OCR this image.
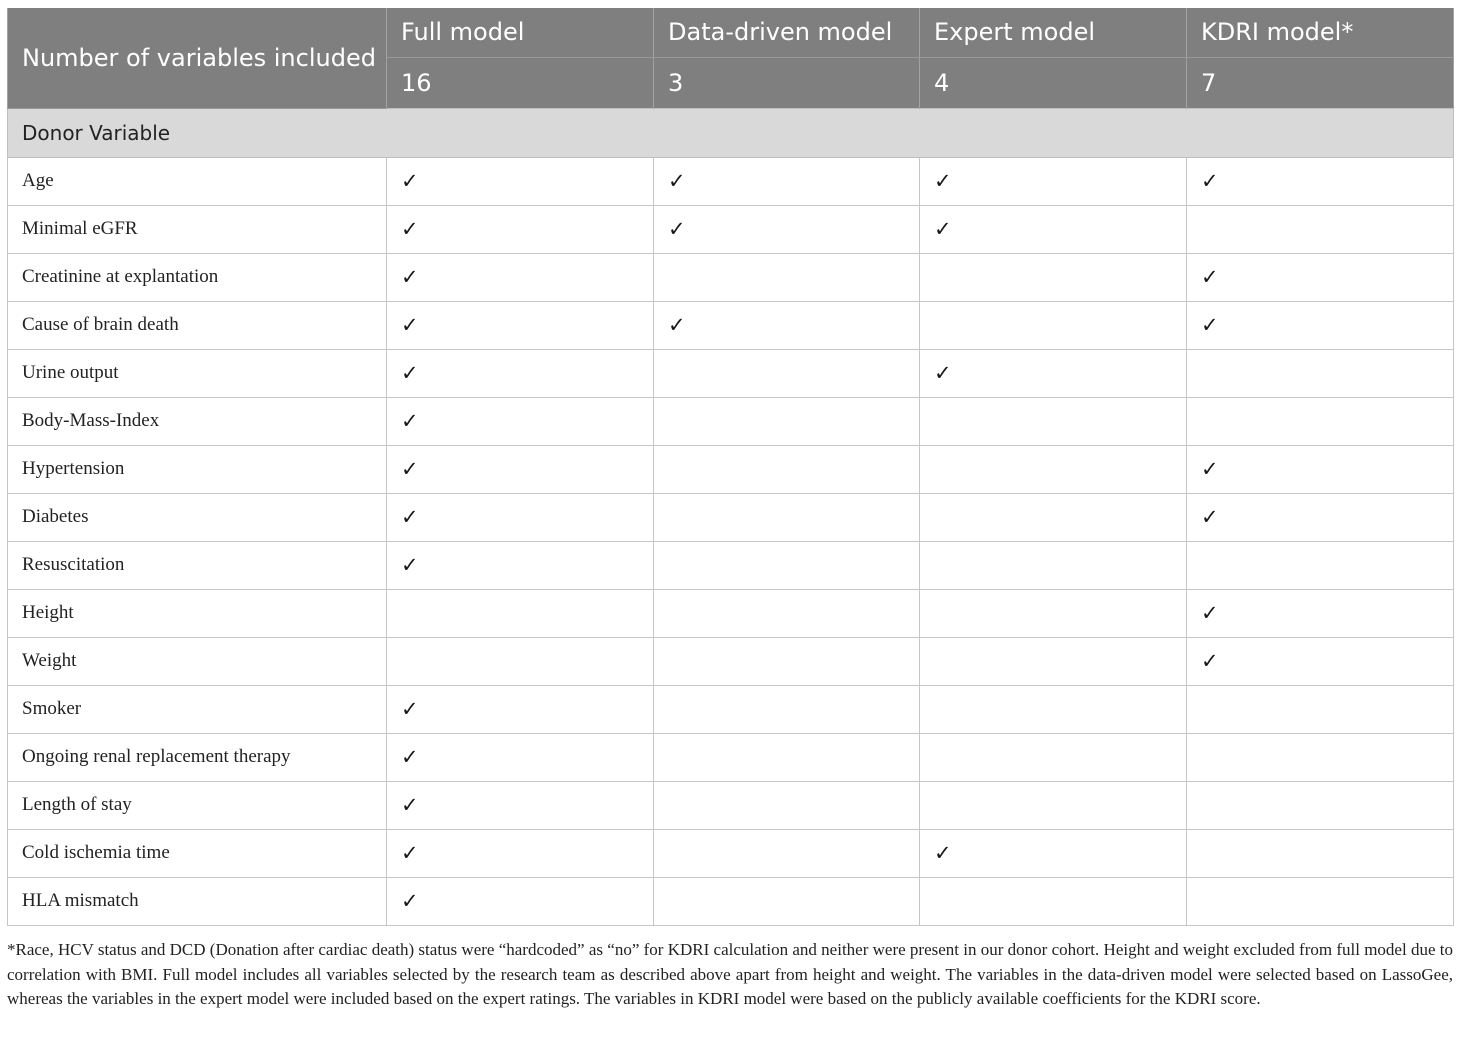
Number of variables included	Full model	Data-driven model	Expert model	KDRI model*
	16	3	4	7
Donor Variable				
Age	✓	✓	✓	✓
Minimal eGFR	✓	✓	✓	
Creatinine at explantation	✓			✓
Cause of brain death	✓	✓		✓
Urine output	✓		✓	
Body-Mass-Index	✓			
Hypertension	✓			✓
Diabetes	✓			✓
Resuscitation	✓			
Height				✓
Weight				✓
Smoker	✓			
Ongoing renal replacement therapy	✓			
Length of stay	✓			
Cold ischemia time	✓		✓	
HLA mismatch	✓			

*Race, HCV status and DCD (Donation after cardiac death) status were “hardcoded” as “no” for KDRI calculation and neither were present in our donor cohort. Height and weight excluded from full model due to correlation with BMI. Full model includes all variables selected by the research team as described above apart from height and weight. The variables in the data-driven model were selected based on LassoGee, whereas the variables in the expert model were included based on the expert ratings. The variables in KDRI model were based on the publicly available coefficients for the KDRI score.
